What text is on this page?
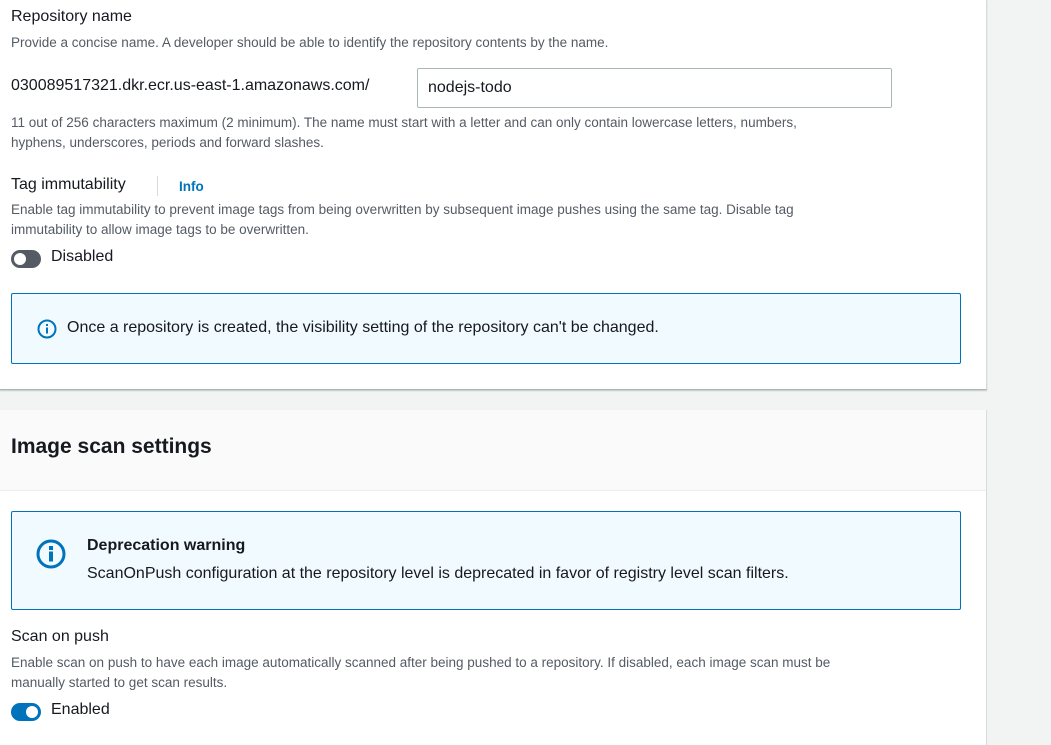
Repository name
Provide a concise name. A developer should be able to identify the repository contents by the name.
030089517321.dkr.ecr.us-east-1.amazonaws.com/
nodejs-todo
11 out of 256 characters maximum (2 minimum). The name must start with a letter and can only contain lowercase letters, numbers,
hyphens, underscores, periods and forward slashes.
Tag immutability	Info
Enable tag immutability to prevent image tags from being overwritten by subsequent image pushes using the same tag. Disable tag
immutability to allow image tags to be overwritten.
Disabled
Once a repository is created, the visibility setting of the repository can't be changed.
Image scan settings
Deprecation warning
ScanOnPush configuration at the repository level is deprecated in favor of registry level scan filters.
Scan on push
Enable scan on push to have each image automatically scanned after being pushed to a repository. If disabled, each image scan must be
manually started to get scan results.
Enabled
